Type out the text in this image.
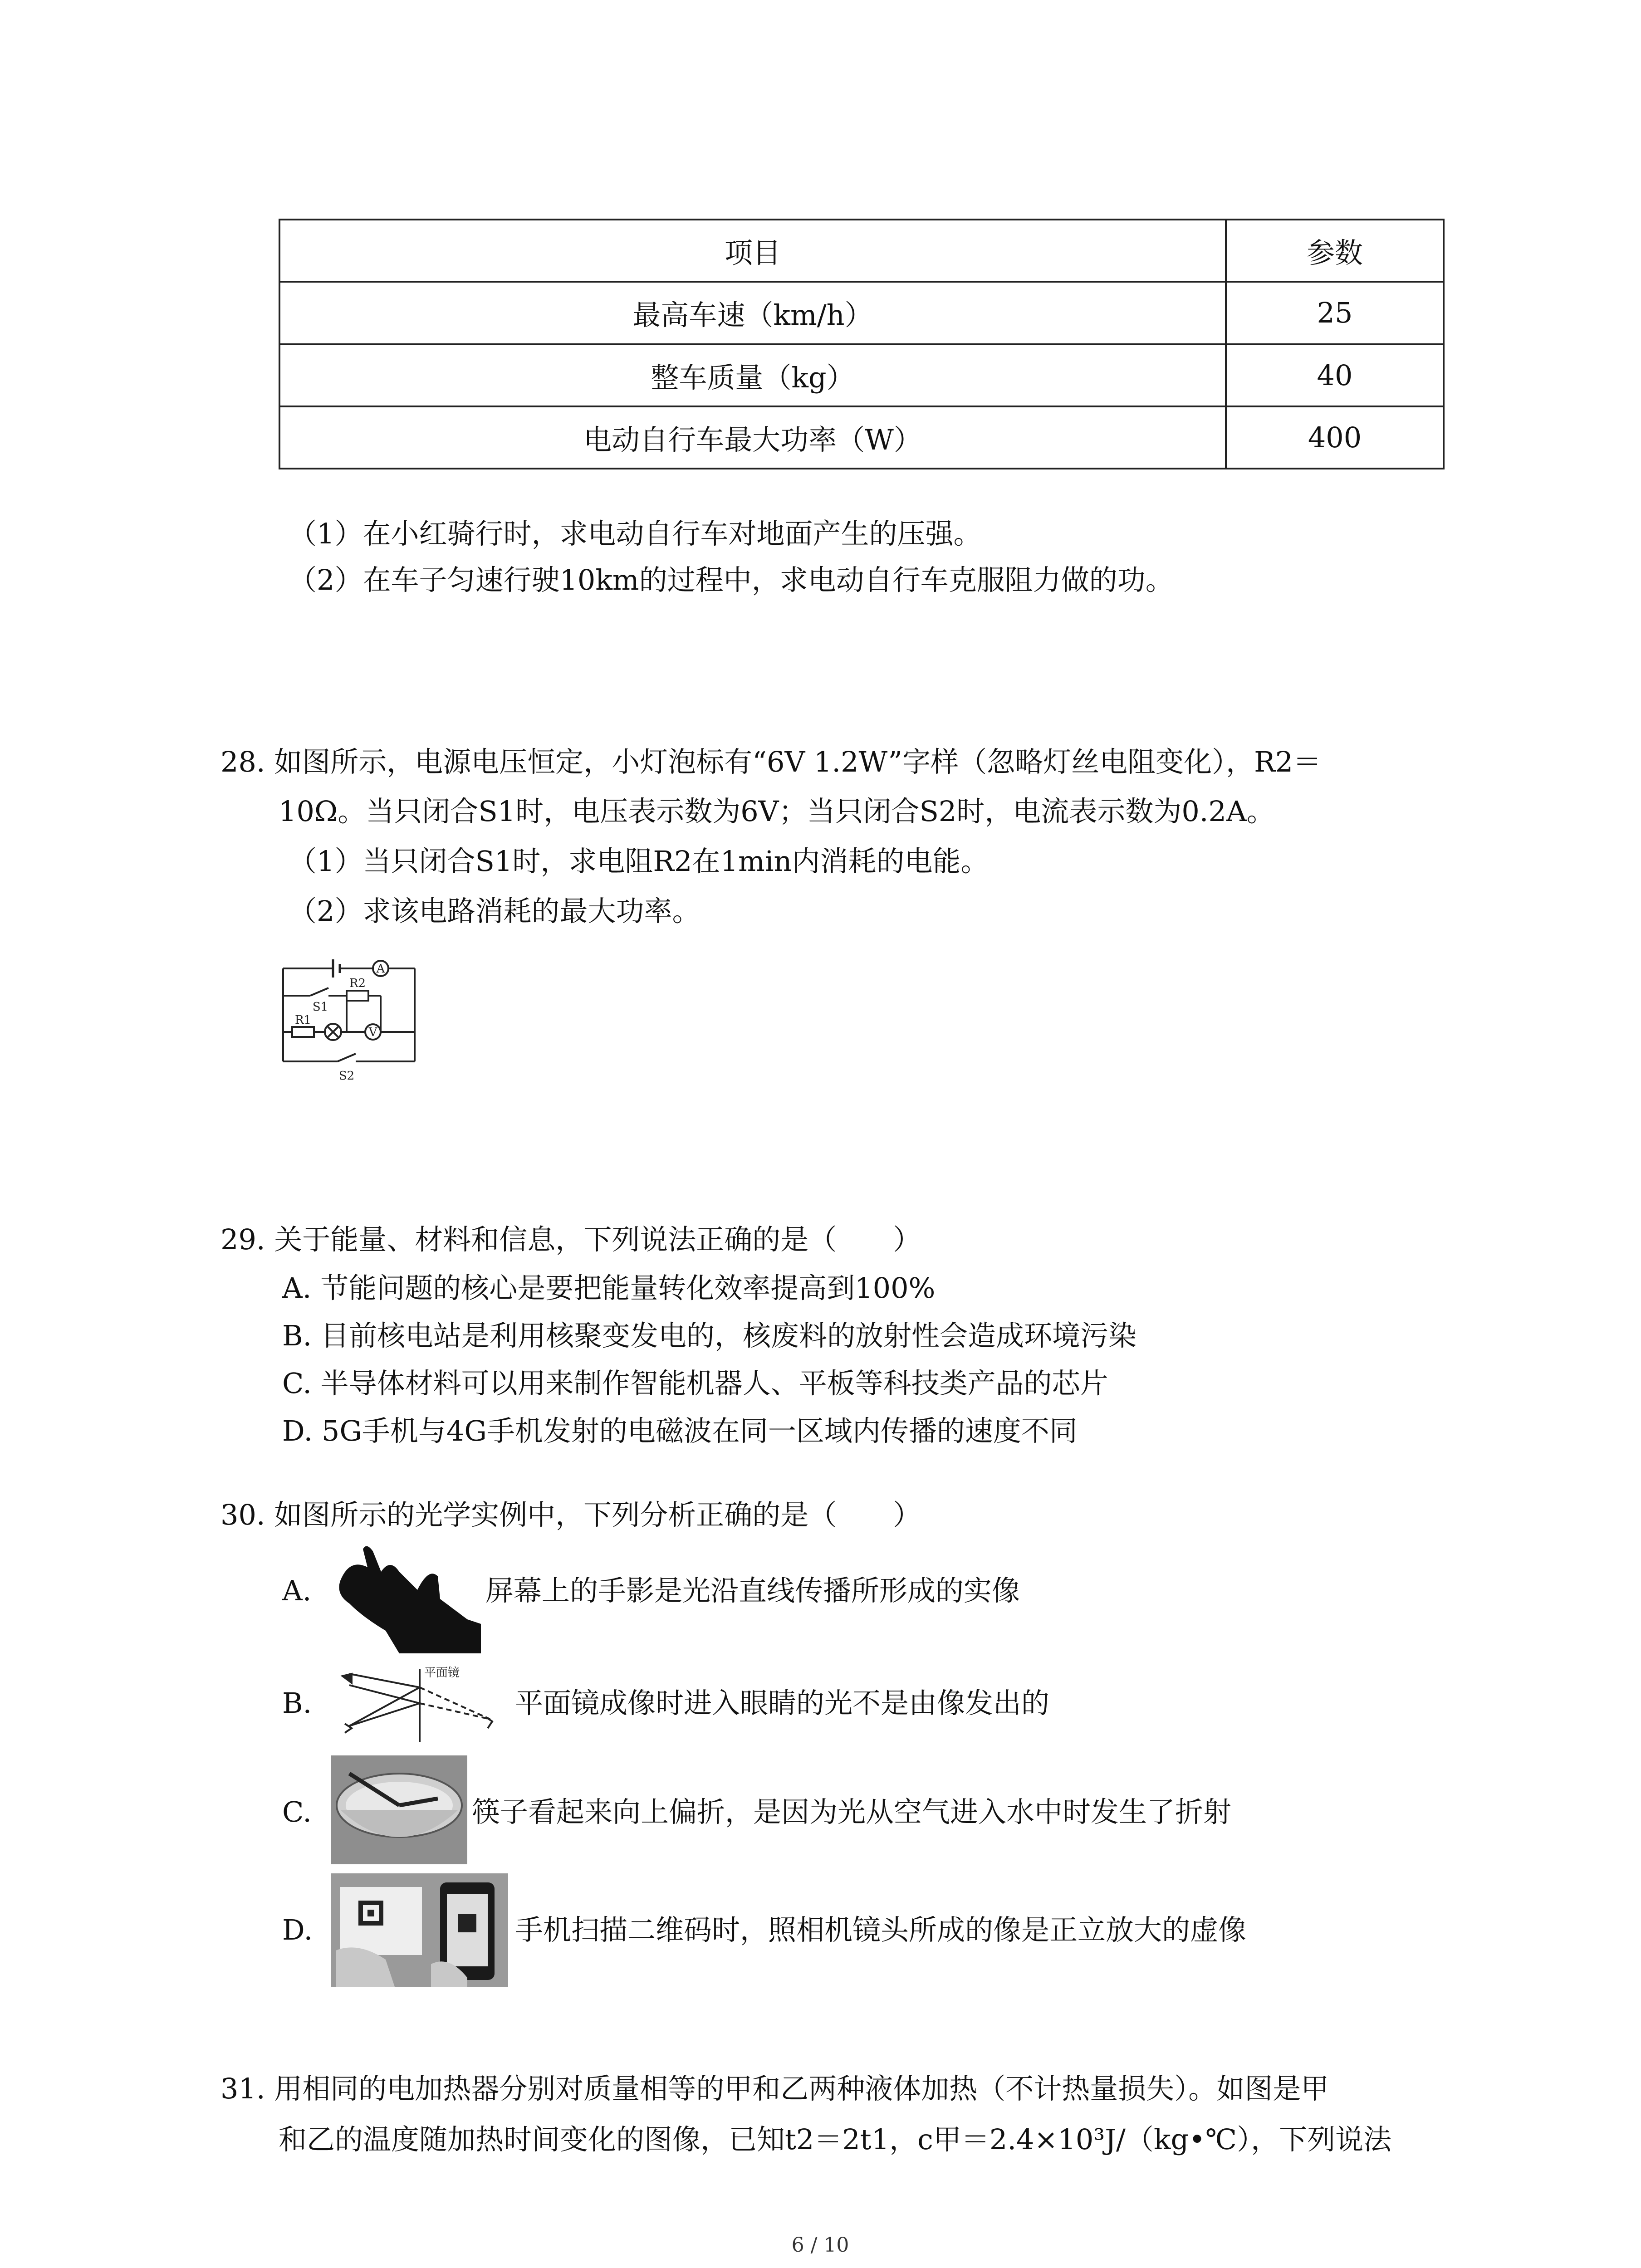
项目	参数
最高车速（km/h）	25
整车质量（kg）	40
电动自行车最大功率（W）	400
（1）在小红骑行时，求电动自行车对地面产生的压强。
（2）在车子匀速行驶10km的过程中，求电动自行车克服阻力做的功。
28. 如图所示，电源电压恒定，小灯泡标有“6V 1.2W”字样（忽略灯丝电阻变化），R2＝
10Ω。当只闭合S1时，电压表示数为6V；当只闭合S2时，电流表示数为0.2A。
（1）当只闭合S1时，求电阻R2在1min内消耗的电能。
（2）求该电路消耗的最大功率。
A
V
R2
R1
S1
S2
29. 关于能量、材料和信息，下列说法正确的是（　　）
A. 节能问题的核心是要把能量转化效率提高到100%
B. 目前核电站是利用核聚变发电的，核废料的放射性会造成环境污染
C. 半导体材料可以用来制作智能机器人、平板等科技类产品的芯片
D. 5G手机与4G手机发射的电磁波在同一区域内传播的速度不同
30. 如图所示的光学实例中，下列分析正确的是（　　）
A.	屏幕上的手影是光沿直线传播所形成的实像
B.
平面镜
平面镜成像时进入眼睛的光不是由像发出的
C.	筷子看起来向上偏折，是因为光从空气进入水中时发生了折射
D.	手机扫描二维码时，照相机镜头所成的像是正立放大的虚像
31. 用相同的电加热器分别对质量相等的甲和乙两种液体加热（不计热量损失）。如图是甲
和乙的温度随加热时间变化的图像，已知t2＝2t1，c甲＝2.4×10³J/（kg•℃），下列说法
6 / 10
